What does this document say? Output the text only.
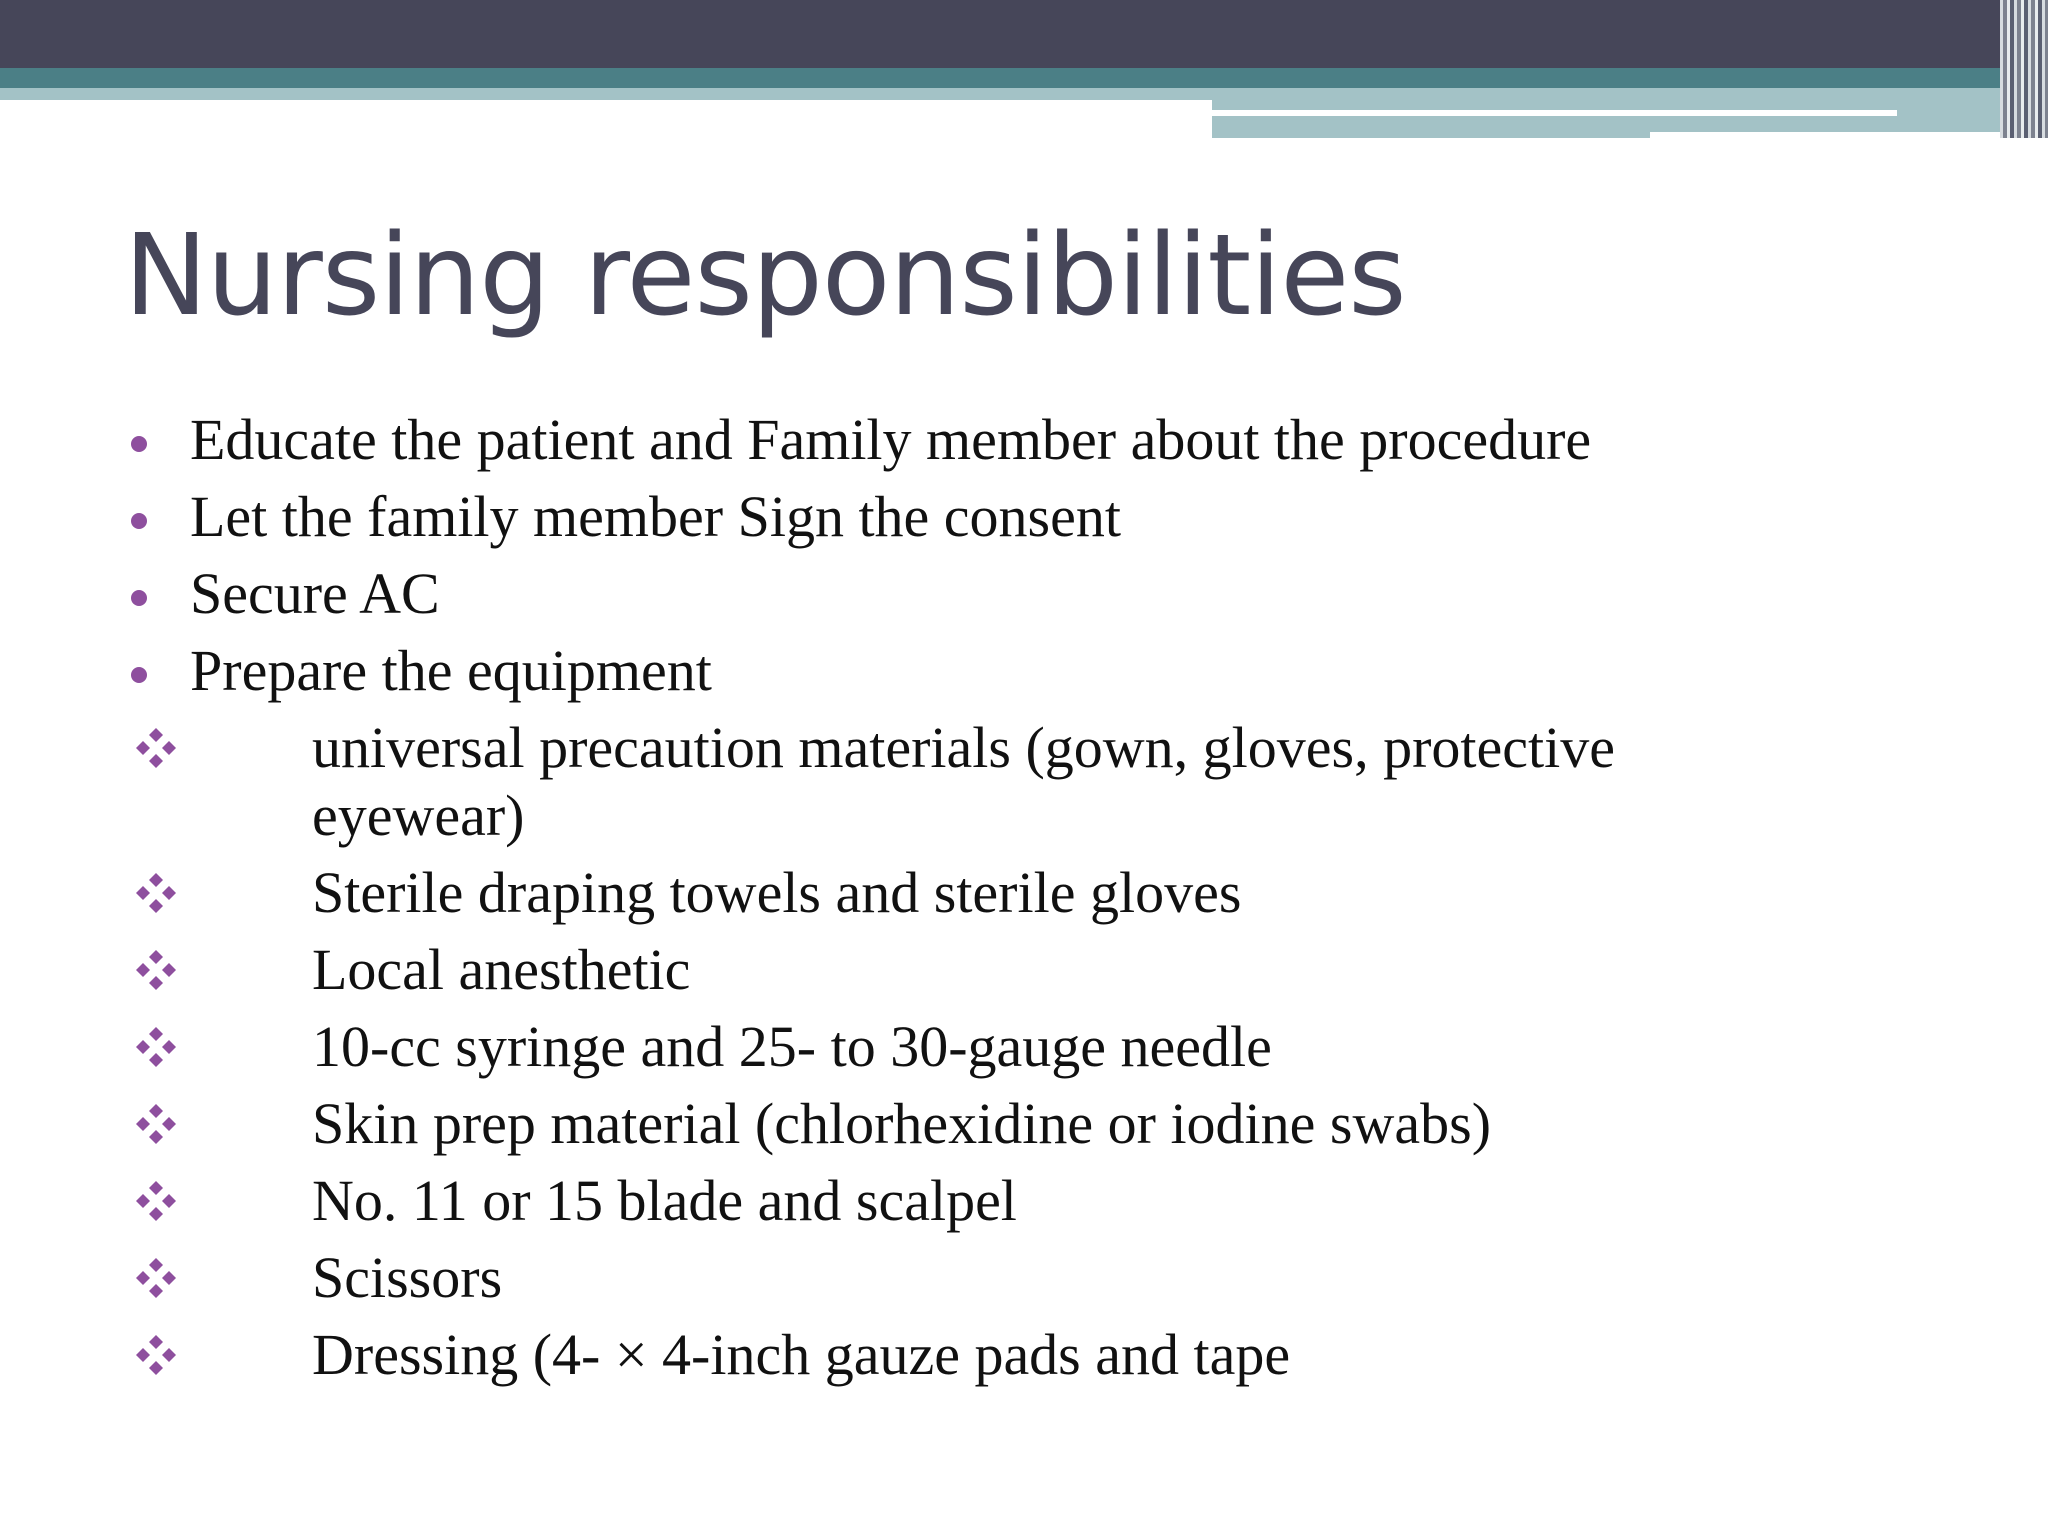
Nursing responsibilities
Educate the patient and Family member about the procedure
Let the family member Sign the consent
Secure AC
Prepare the equipment
universal precaution materials (gown, gloves, protective eyewear)
Sterile draping towels and sterile gloves
Local anesthetic
10-cc syringe and 25- to 30-gauge needle
Skin prep material (chlorhexidine or iodine swabs)
No. 11 or 15 blade and scalpel
Scissors
Dressing (4- × 4-inch gauze pads and tape
